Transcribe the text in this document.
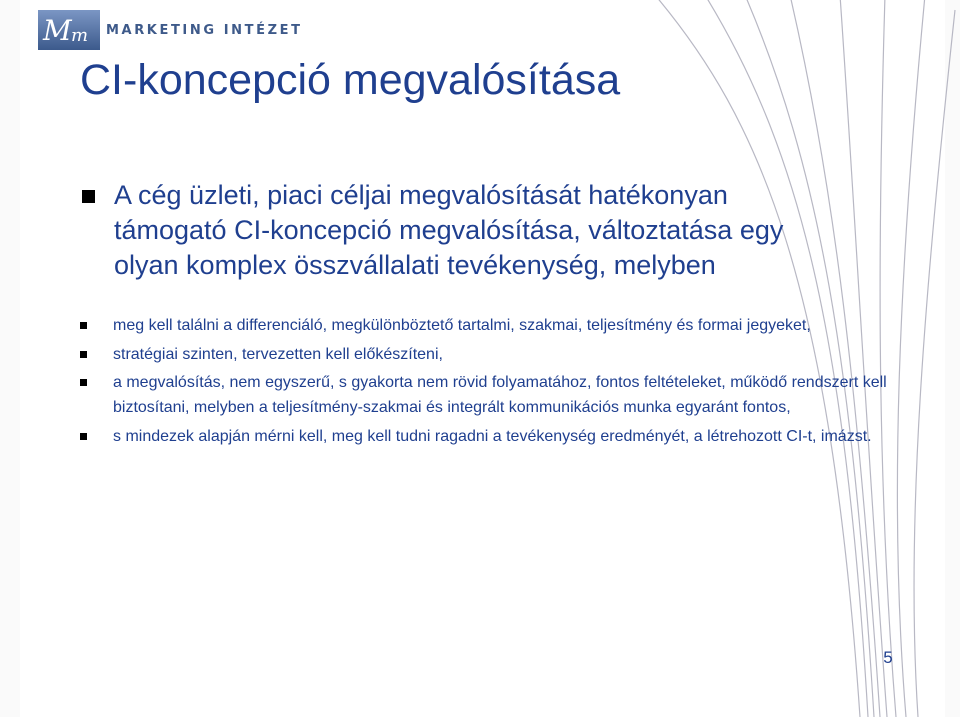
M m MARKETING INTÉZET
CI-koncepció megvalósítása
A cég üzleti, piaci céljai megvalósítását hatékonyan támogató CI-koncepció megvalósítása, változtatása egy olyan komplex összvállalati tevékenység, melyben
meg kell találni a differenciáló, megkülönböztető tartalmi, szakmai, teljesítmény és formai jegyeket,
stratégiai szinten, tervezetten kell előkészíteni,
a megvalósítás, nem egyszerű, s gyakorta nem rövid folyamatához, fontos feltételeket, működő rendszert kell biztosítani, melyben a teljesítmény-szakmai és integrált kommunikációs munka egyaránt fontos,
s mindezek alapján mérni kell, meg kell tudni ragadni a tevékenység eredményét, a létrehozott CI-t, imázst.
5
